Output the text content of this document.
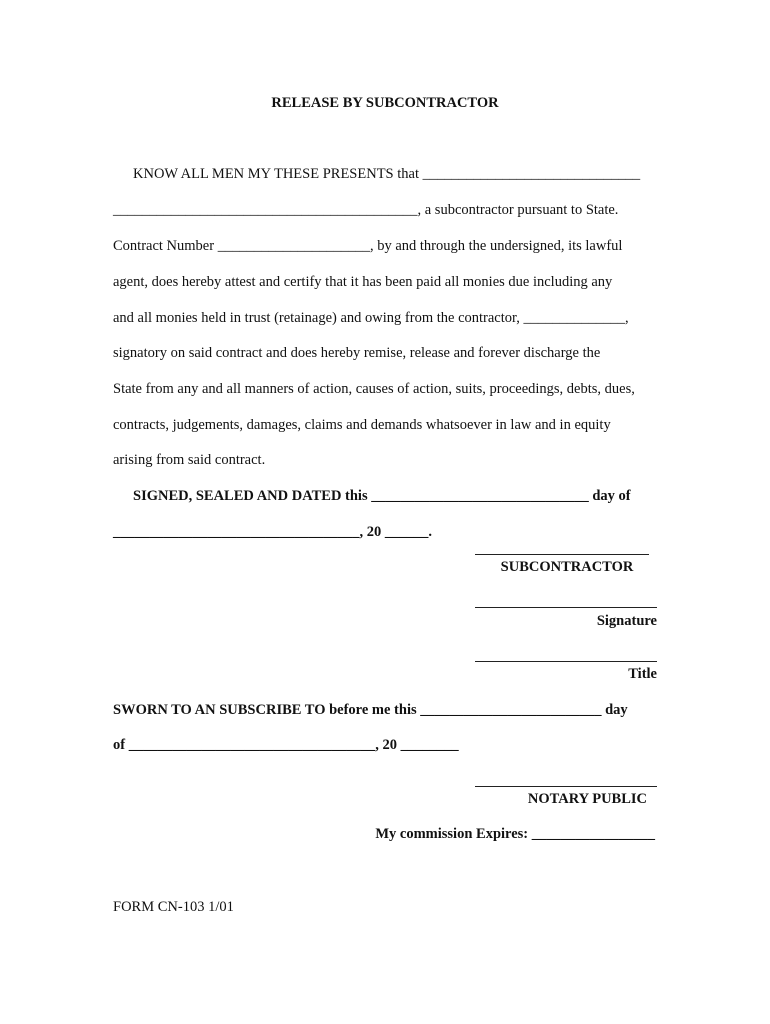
RELEASE BY SUBCONTRACTOR
KNOW ALL MEN MY THESE PRESENTS that ______________________________
__________________________________________, a subcontractor pursuant to State.
Contract Number _____________________, by and through the undersigned, its lawful
agent, does hereby attest and certify that it has been paid all monies due including any
and all monies held in trust (retainage) and owing from the contractor, ______________,
signatory on said contract and does hereby remise, release and forever discharge the
State from any and all manners of action, causes of action, suits, proceedings, debts, dues,
contracts, judgements, damages, claims and demands whatsoever in law and in equity
arising from said contract.
SIGNED, SEALED AND DATED this ______________________________ day of
__________________________________, 20 ______.
SUBCONTRACTOR
Signature
Title
SWORN TO AN SUBSCRIBE TO before me this _________________________ day
of __________________________________, 20 ________
NOTARY PUBLIC
My commission Expires: _________________
FORM CN-103 1/01
